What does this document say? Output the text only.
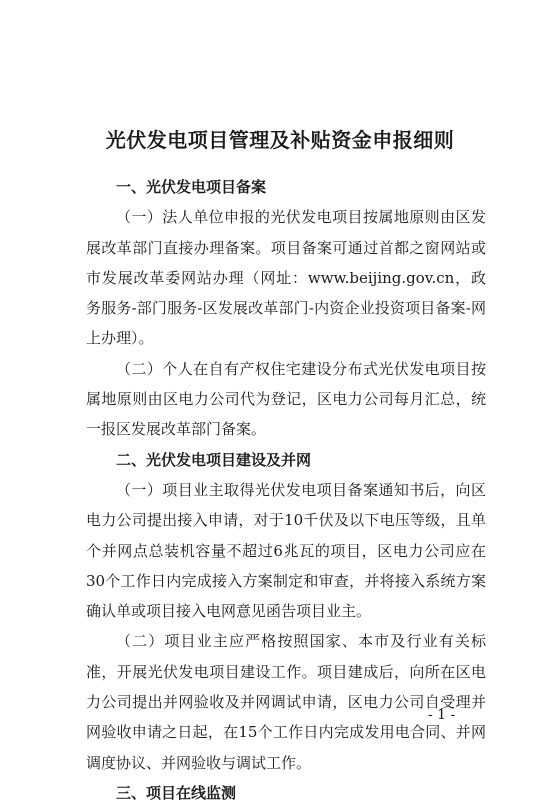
光伏发电项目管理及补贴资金申报细则

一、光伏发电项目备案

（一）法人单位申报的光伏发电项目按属地原则由区发展改革部门直接办理备案。项目备案可通过首都之窗网站或市发展改革委网站办理（网址：www.beijing.gov.cn，政务服务-部门服务-区发展改革部门-内资企业投资项目备案-网上办理）。

（二）个人在自有产权住宅建设分布式光伏发电项目按属地原则由区电力公司代为登记，区电力公司每月汇总，统一报区发展改革部门备案。

二、光伏发电项目建设及并网

（一）项目业主取得光伏发电项目备案通知书后，向区电力公司提出接入申请，对于10千伏及以下电压等级，且单个并网点总装机容量不超过6兆瓦的项目，区电力公司应在30个工作日内完成接入方案制定和审查，并将接入系统方案确认单或项目接入电网意见函告项目业主。

（二）项目业主应严格按照国家、本市及行业有关标准，开展光伏发电项目建设工作。项目建成后，向所在区电力公司提出并网验收及并网调试申请，区电力公司自受理并网验收申请之日起，在15个工作日内完成发用电合同、并网调度协议、并网验收与调试工作。

三、项目在线监测

- 1 -
